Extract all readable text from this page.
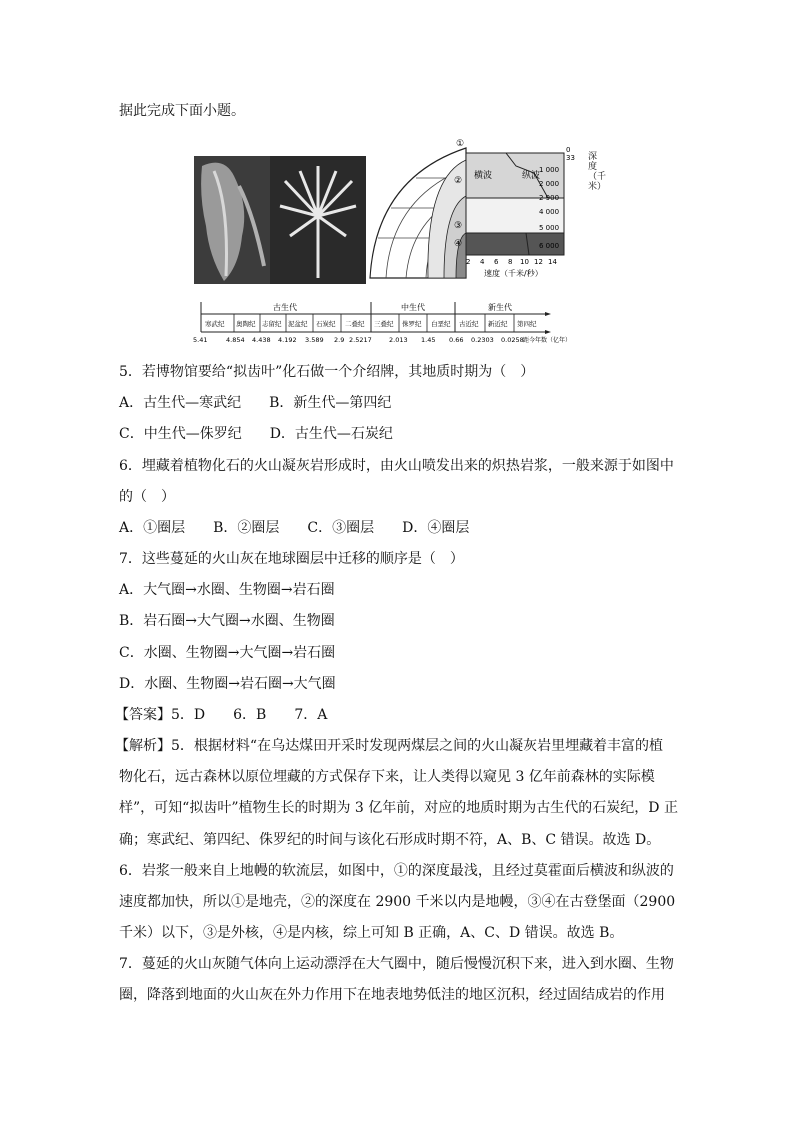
据此完成下面小题。
横波	纵波
①
②
③
④
0
33
1 000
2 000
2 900
4 000
5 000
6 000
2 4 6 8 10 12 14
速度（千米/秒）
深度（千米）
古生代	中生代	新生代
寒武纪 奥陶纪 志留纪 泥盆纪 石炭纪 二叠纪 三叠纪 侏罗纪 白垩纪 古近纪 新近纪 第四纪
5.41	4.854 4.438 4.192 3.589 2.9 2.5217	2.013 1.45 0.66 0.2303 0.0258 距今年数（亿年）
5．若博物馆要给“拟齿叶”化石做一个介绍牌，其地质时期为（　）
A．古生代—寒武纪　　B．新生代—第四纪
C．中生代—侏罗纪　　D．古生代—石炭纪
6．埋藏着植物化石的火山凝灰岩形成时，由火山喷发出来的炽热岩浆，一般来源于如图中
的（　）
A．①圈层　　B．②圈层　　C．③圈层　　D．④圈层
7．这些蔓延的火山灰在地球圈层中迁移的顺序是（　）
A．大气圈→水圈、生物圈→岩石圈
B．岩石圈→大气圈→水圈、生物圈
C．水圈、生物圈→大气圈→岩石圈
D．水圈、生物圈→岩石圈→大气圈
【答案】5．D　　6．B　　7．A
【解析】5．根据材料“在乌达煤田开采时发现两煤层之间的火山凝灰岩里埋藏着丰富的植
物化石，远古森林以原位埋藏的方式保存下来，让人类得以窥见 3 亿年前森林的实际模
样”，可知“拟齿叶”植物生长的时期为 3 亿年前，对应的地质时期为古生代的石炭纪，D 正
确；寒武纪、第四纪、侏罗纪的时间与该化石形成时期不符，A、B、C 错误。故选 D。
6．岩浆一般来自上地幔的软流层，如图中，①的深度最浅，且经过莫霍面后横波和纵波的
速度都加快，所以①是地壳，②的深度在 2900 千米以内是地幔，③④在古登堡面（2900
千米）以下，③是外核，④是内核，综上可知 B 正确，A、C、D 错误。故选 B。
7．蔓延的火山灰随气体向上运动漂浮在大气圈中，随后慢慢沉积下来，进入到水圈、生物
圈，降落到地面的火山灰在外力作用下在地表地势低洼的地区沉积，经过固结成岩的作用
